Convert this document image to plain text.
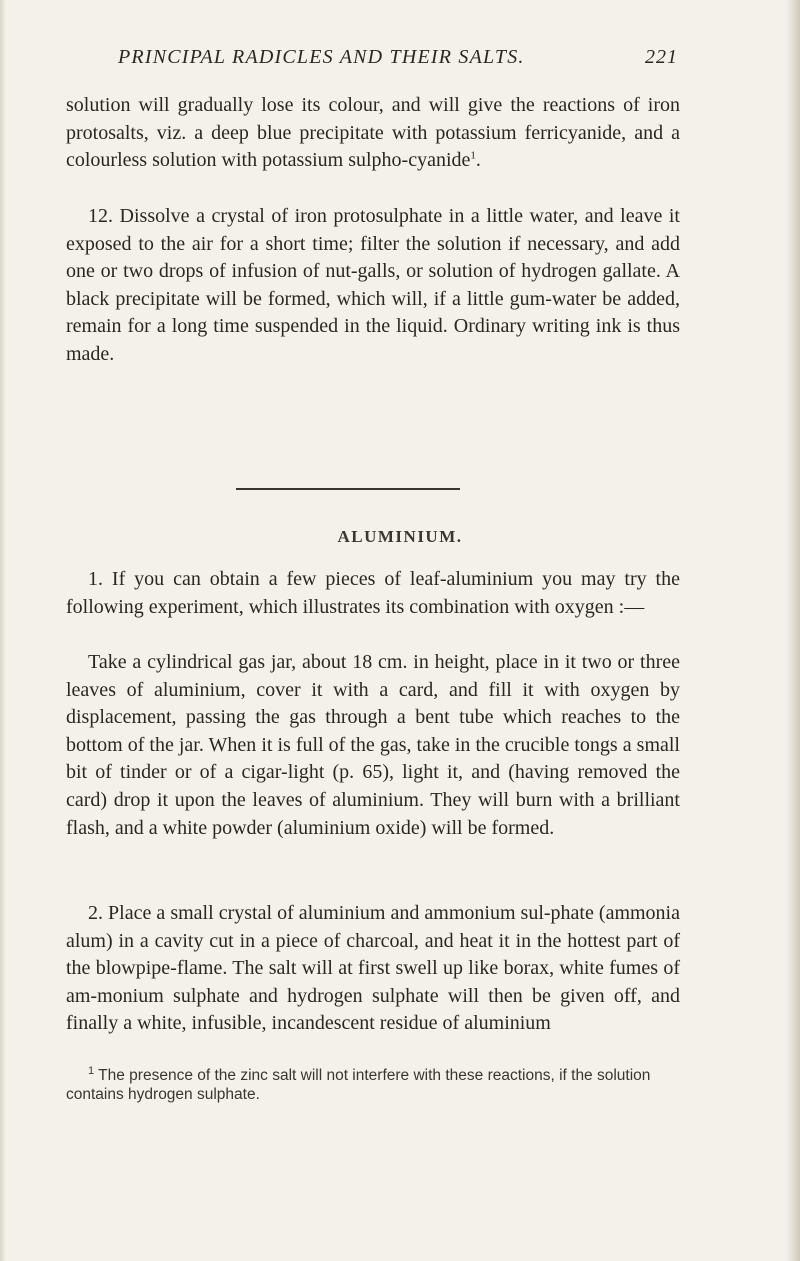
PRINCIPAL RADICLES AND THEIR SALTS.	221

solution will gradually lose its colour, and will give the reactions of iron protosalts, viz. a deep blue precipitate with potassium ferricyanide, and a colourless solution with potassium sulpho-cyanide$^1$.

12. Dissolve a crystal of iron protosulphate in a little water, and leave it exposed to the air for a short time; filter the solution if necessary, and add one or two drops of infusion of nut-galls, or solution of hydrogen gallate. A black precipitate will be formed, which will, if a little gum-water be added, remain for a long time suspended in the liquid. Ordinary writing ink is thus made.

ALUMINIUM.

1. If you can obtain a few pieces of leaf-aluminium you may try the following experiment, which illustrates its combination with oxygen :—

Take a cylindrical gas jar, about 18 cm. in height, place in it two or three leaves of aluminium, cover it with a card, and fill it with oxygen by displacement, passing the gas through a bent tube which reaches to the bottom of the jar. When it is full of the gas, take in the crucible tongs a small bit of tinder or of a cigar-light (p. 65), light it, and (having removed the card) drop it upon the leaves of aluminium. They will burn with a brilliant flash, and a white powder (aluminium oxide) will be formed.

2. Place a small crystal of aluminium and ammonium sul-phate (ammonia alum) in a cavity cut in a piece of charcoal, and heat it in the hottest part of the blowpipe-flame. The salt will at first swell up like borax, white fumes of am-monium sulphate and hydrogen sulphate will then be given off, and finally a white, infusible, incandescent residue of aluminium

$^1$ The presence of the zinc salt will not interfere with these reactions, if the solution contains hydrogen sulphate.
